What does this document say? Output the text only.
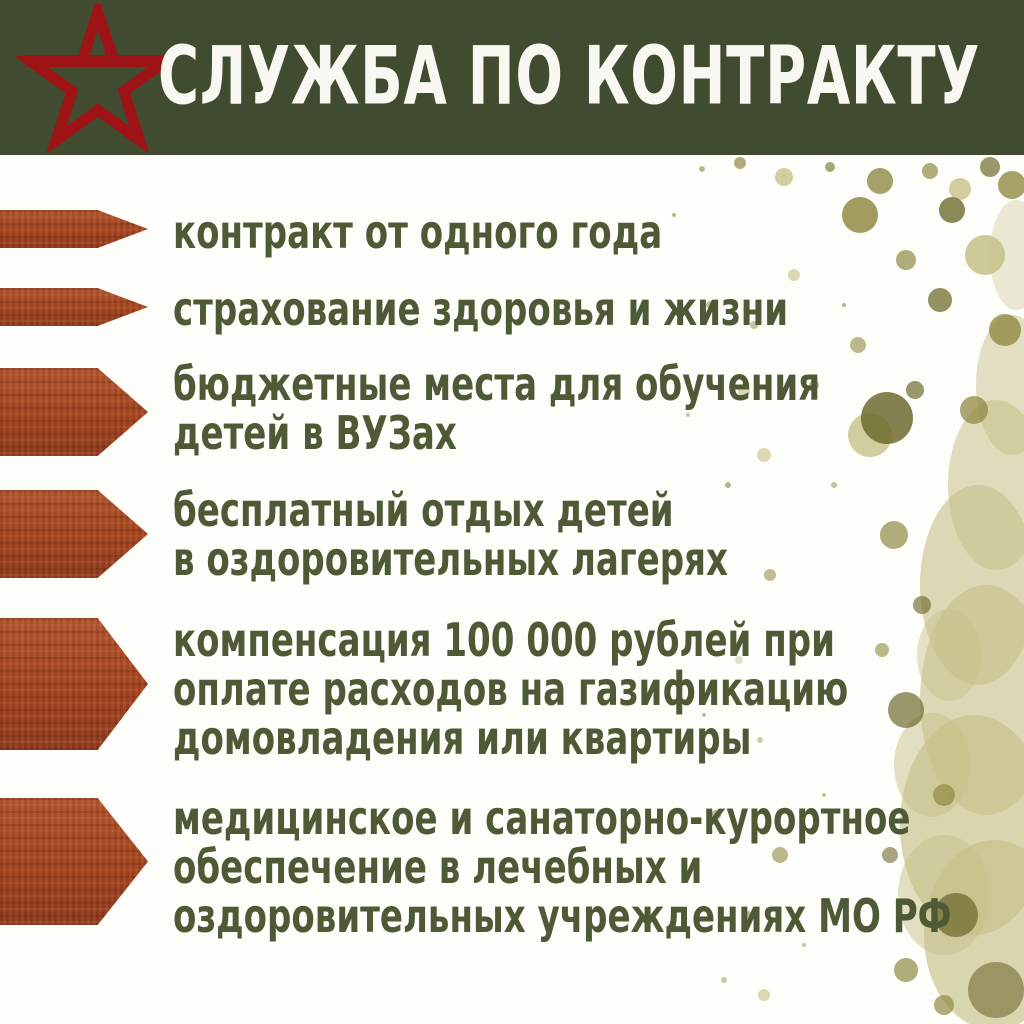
СЛУЖБА ПО КОНТРАКТУ
контракт от одного года
страхование здоровья и жизни
бюджетные места для обучения
детей в ВУЗах
бесплатный отдых детей
в оздоровительных лагерях
компенсация 100 000 рублей при
оплате расходов на газификацию
домовладения или квартиры
медицинское и санаторно-курортное
обеспечение в лечебных и
оздоровительных учреждениях МО РФ
